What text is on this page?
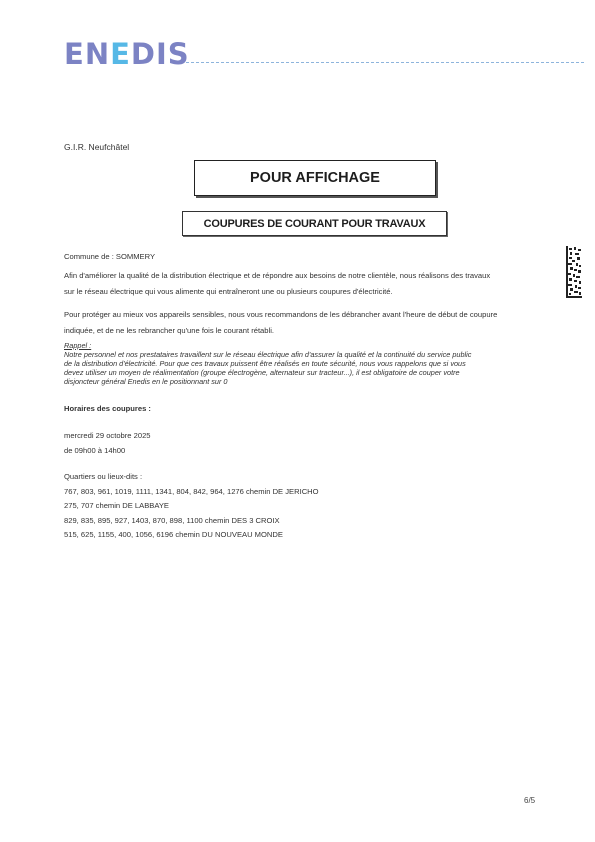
ENEDIS
G.I.R. Neufchâtel
POUR AFFICHAGE
COUPURES DE COURANT POUR TRAVAUX
Commune de : SOMMERY
Afin d'améliorer la qualité de la distribution électrique et de répondre aux besoins de notre clientèle, nous réalisons des travaux
sur le réseau électrique qui vous alimente qui entraîneront une ou plusieurs coupures d'électricité.
Pour protéger au mieux vos appareils sensibles, nous vous recommandons de les débrancher avant l'heure de début de coupure
indiquée, et de ne les rebrancher qu'une fois le courant rétabli.
Rappel :
Notre personnel et nos prestataires travaillent sur le réseau électrique afin d'assurer la qualité et la continuité du service public
de la distribution d'électricité. Pour que ces travaux puissent être réalisés en toute sécurité, nous vous rappelons que si vous
devez utiliser un moyen de réalimentation (groupe électrogène, alternateur sur tracteur...), il est obligatoire de couper votre
disjoncteur général Enedis en le positionnant sur 0
Horaires des coupures :
mercredi 29 octobre 2025
de 09h00 à 14h00
Quartiers ou lieux-dits :
767, 803, 961, 1019, 1111, 1341, 804, 842, 964, 1276 chemin DE JERICHO
275, 707 chemin DE LABBAYE
829, 835, 895, 927, 1403, 870, 898, 1100 chemin DES 3 CROIX
515, 625, 1155, 400, 1056, 6196 chemin DU NOUVEAU MONDE
6/5
